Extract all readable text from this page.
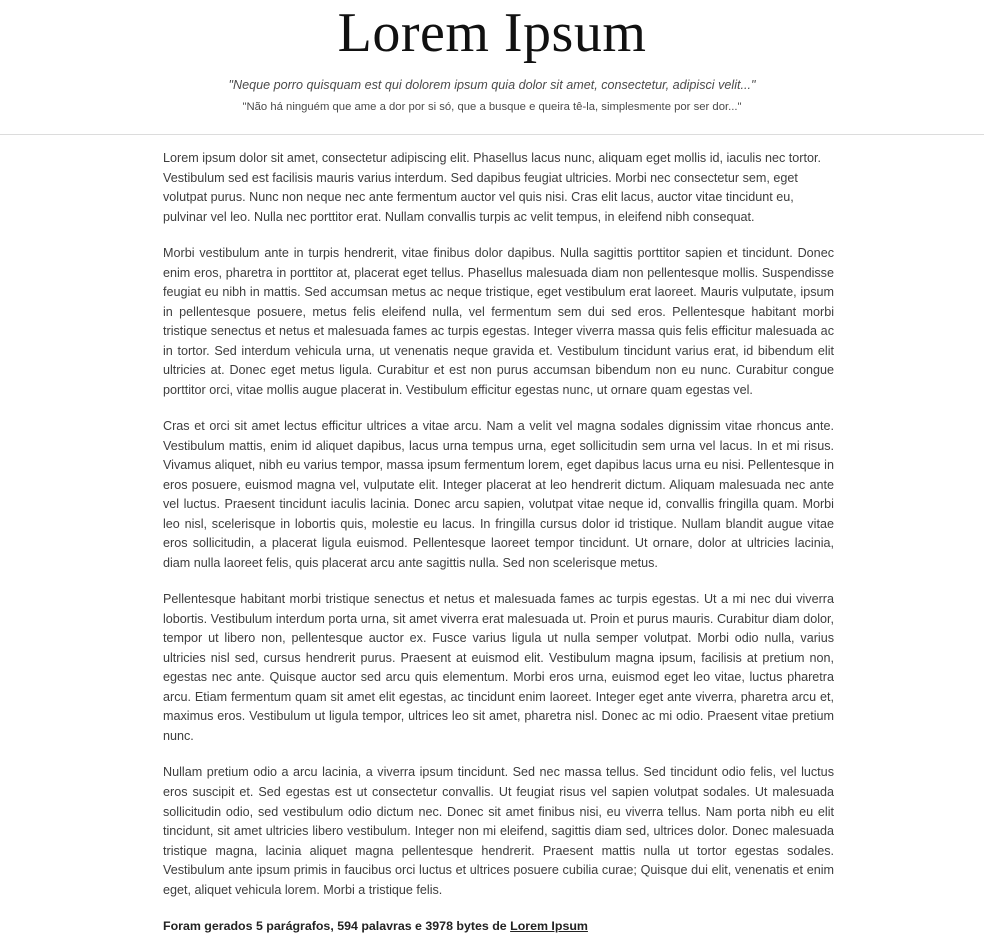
Lorem Ipsum

"Neque porro quisquam est qui dolorem ipsum quia dolor sit amet, consectetur, adipisci velit..."

"Não há ninguém que ame a dor por si só, que a busque e queira tê-la, simplesmente por ser dor..."

Lorem ipsum dolor sit amet, consectetur adipiscing elit. Phasellus lacus nunc, aliquam eget mollis id, iaculis nec tortor. Vestibulum sed est facilisis mauris varius interdum. Sed dapibus feugiat ultricies. Morbi nec consectetur sem, eget volutpat purus. Nunc non neque nec ante fermentum auctor vel quis nisi. Cras elit lacus, auctor vitae tincidunt eu, pulvinar vel leo. Nulla nec porttitor erat. Nullam convallis turpis ac velit tempus, in eleifend nibh consequat.

Morbi vestibulum ante in turpis hendrerit, vitae finibus dolor dapibus. Nulla sagittis porttitor sapien et tincidunt. Donec enim eros, pharetra in porttitor at, placerat eget tellus. Phasellus malesuada diam non pellentesque mollis. Suspendisse feugiat eu nibh in mattis. Sed accumsan metus ac neque tristique, eget vestibulum erat laoreet. Mauris vulputate, ipsum in pellentesque posuere, metus felis eleifend nulla, vel fermentum sem dui sed eros. Pellentesque habitant morbi tristique senectus et netus et malesuada fames ac turpis egestas. Integer viverra massa quis felis efficitur malesuada ac in tortor. Sed interdum vehicula urna, ut venenatis neque gravida et. Vestibulum tincidunt varius erat, id bibendum elit ultricies at. Donec eget metus ligula. Curabitur et est non purus accumsan bibendum non eu nunc. Curabitur congue porttitor orci, vitae mollis augue placerat in. Vestibulum efficitur egestas nunc, ut ornare quam egestas vel.

Cras et orci sit amet lectus efficitur ultrices a vitae arcu. Nam a velit vel magna sodales dignissim vitae rhoncus ante. Vestibulum mattis, enim id aliquet dapibus, lacus urna tempus urna, eget sollicitudin sem urna vel lacus. In et mi risus. Vivamus aliquet, nibh eu varius tempor, massa ipsum fermentum lorem, eget dapibus lacus urna eu nisi. Pellentesque in eros posuere, euismod magna vel, vulputate elit. Integer placerat at leo hendrerit dictum. Aliquam malesuada nec ante vel luctus. Praesent tincidunt iaculis lacinia. Donec arcu sapien, volutpat vitae neque id, convallis fringilla quam. Morbi leo nisl, scelerisque in lobortis quis, molestie eu lacus. In fringilla cursus dolor id tristique. Nullam blandit augue vitae eros sollicitudin, a placerat ligula euismod. Pellentesque laoreet tempor tincidunt. Ut ornare, dolor at ultricies lacinia, diam nulla laoreet felis, quis placerat arcu ante sagittis nulla. Sed non scelerisque metus.

Pellentesque habitant morbi tristique senectus et netus et malesuada fames ac turpis egestas. Ut a mi nec dui viverra lobortis. Vestibulum interdum porta urna, sit amet viverra erat malesuada ut. Proin et purus mauris. Curabitur diam dolor, tempor ut libero non, pellentesque auctor ex. Fusce varius ligula ut nulla semper volutpat. Morbi odio nulla, varius ultricies nisl sed, cursus hendrerit purus. Praesent at euismod elit. Vestibulum magna ipsum, facilisis at pretium non, egestas nec ante. Quisque auctor sed arcu quis elementum. Morbi eros urna, euismod eget leo vitae, luctus pharetra arcu. Etiam fermentum quam sit amet elit egestas, ac tincidunt enim laoreet. Integer eget ante viverra, pharetra arcu et, maximus eros. Vestibulum ut ligula tempor, ultrices leo sit amet, pharetra nisl. Donec ac mi odio. Praesent vitae pretium nunc.

Nullam pretium odio a arcu lacinia, a viverra ipsum tincidunt. Sed nec massa tellus. Sed tincidunt odio felis, vel luctus eros suscipit et. Sed egestas est ut consectetur convallis. Ut feugiat risus vel sapien volutpat sodales. Ut malesuada sollicitudin odio, sed vestibulum odio dictum nec. Donec sit amet finibus nisi, eu viverra tellus. Nam porta nibh eu elit tincidunt, sit amet ultricies libero vestibulum. Integer non mi eleifend, sagittis diam sed, ultrices dolor. Donec malesuada tristique magna, lacinia aliquet magna pellentesque hendrerit. Praesent mattis nulla ut tortor egestas sodales. Vestibulum ante ipsum primis in faucibus orci luctus et ultrices posuere cubilia curae; Quisque dui elit, venenatis et enim eget, aliquet vehicula lorem. Morbi a tristique felis.

Foram gerados 5 parágrafos, 594 palavras e 3978 bytes de Lorem Ipsum
